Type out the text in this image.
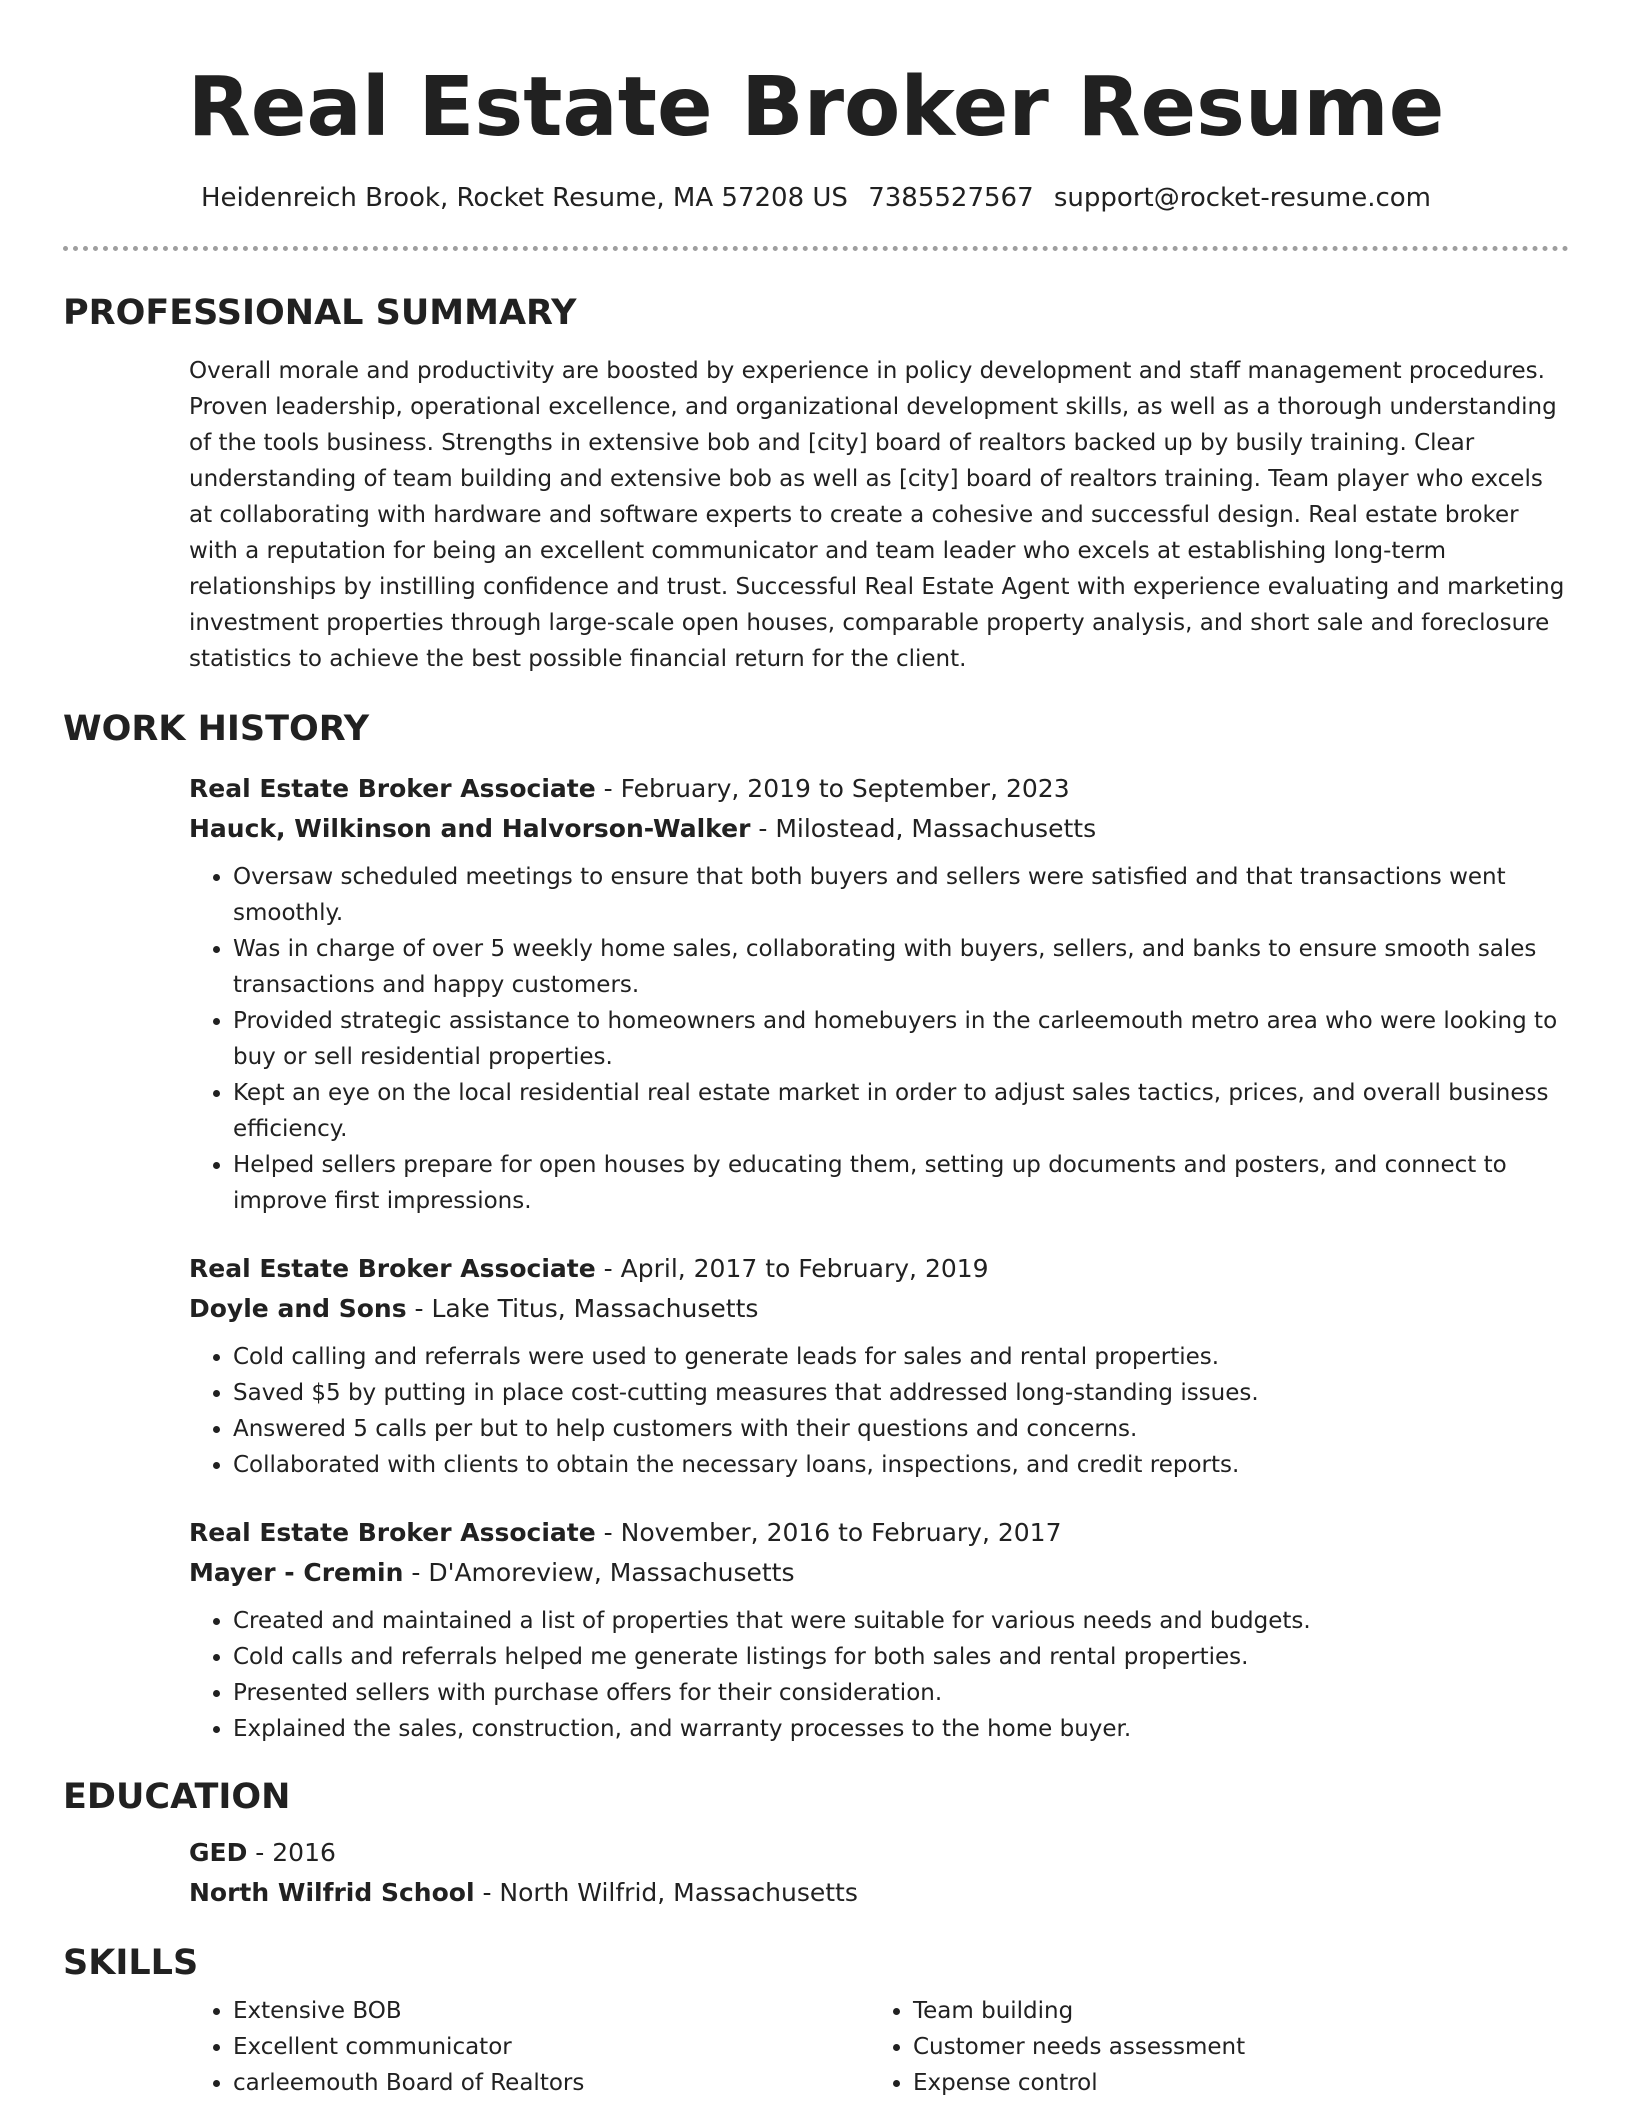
Real Estate Broker Resume
Heidenreich Brook, Rocket Resume, MA 57208 US 7385527567 support@rocket-resume.com
PROFESSIONAL SUMMARY
Overall morale and productivity are boosted by experience in policy development and staff management procedures. Proven leadership, operational excellence, and organizational development skills, as well as a thorough understanding of the tools business. Strengths in extensive bob and [city] board of realtors backed up by busily training. Clear understanding of team building and extensive bob as well as [city] board of realtors training. Team player who excels at collaborating with hardware and software experts to create a cohesive and successful design. Real estate broker with a reputation for being an excellent communicator and team leader who excels at establishing long-term relationships by instilling confidence and trust. Successful Real Estate Agent with experience evaluating and marketing investment properties through large-scale open houses, comparable property analysis, and short sale and foreclosure statistics to achieve the best possible financial return for the client.
WORK HISTORY
Real Estate Broker Associate - February, 2019 to September, 2023
Hauck, Wilkinson and Halvorson-Walker - Milostead, Massachusetts
• Oversaw scheduled meetings to ensure that both buyers and sellers were satisfied and that transactions went smoothly.
• Was in charge of over 5 weekly home sales, collaborating with buyers, sellers, and banks to ensure smooth sales transactions and happy customers.
• Provided strategic assistance to homeowners and homebuyers in the carleemouth metro area who were looking to buy or sell residential properties.
• Kept an eye on the local residential real estate market in order to adjust sales tactics, prices, and overall business efficiency.
• Helped sellers prepare for open houses by educating them, setting up documents and posters, and connect to improve first impressions.
Real Estate Broker Associate - April, 2017 to February, 2019
Doyle and Sons - Lake Titus, Massachusetts
• Cold calling and referrals were used to generate leads for sales and rental properties.
• Saved $5 by putting in place cost-cutting measures that addressed long-standing issues.
• Answered 5 calls per but to help customers with their questions and concerns.
• Collaborated with clients to obtain the necessary loans, inspections, and credit reports.
Real Estate Broker Associate - November, 2016 to February, 2017
Mayer - Cremin - D'Amoreview, Massachusetts
• Created and maintained a list of properties that were suitable for various needs and budgets.
• Cold calls and referrals helped me generate listings for both sales and rental properties.
• Presented sellers with purchase offers for their consideration.
• Explained the sales, construction, and warranty processes to the home buyer.
EDUCATION
GED - 2016
North Wilfrid School - North Wilfrid, Massachusetts
SKILLS
• Extensive BOB
• Excellent communicator
• carleemouth Board of Realtors
• Team building
• Customer needs assessment
• Expense control
